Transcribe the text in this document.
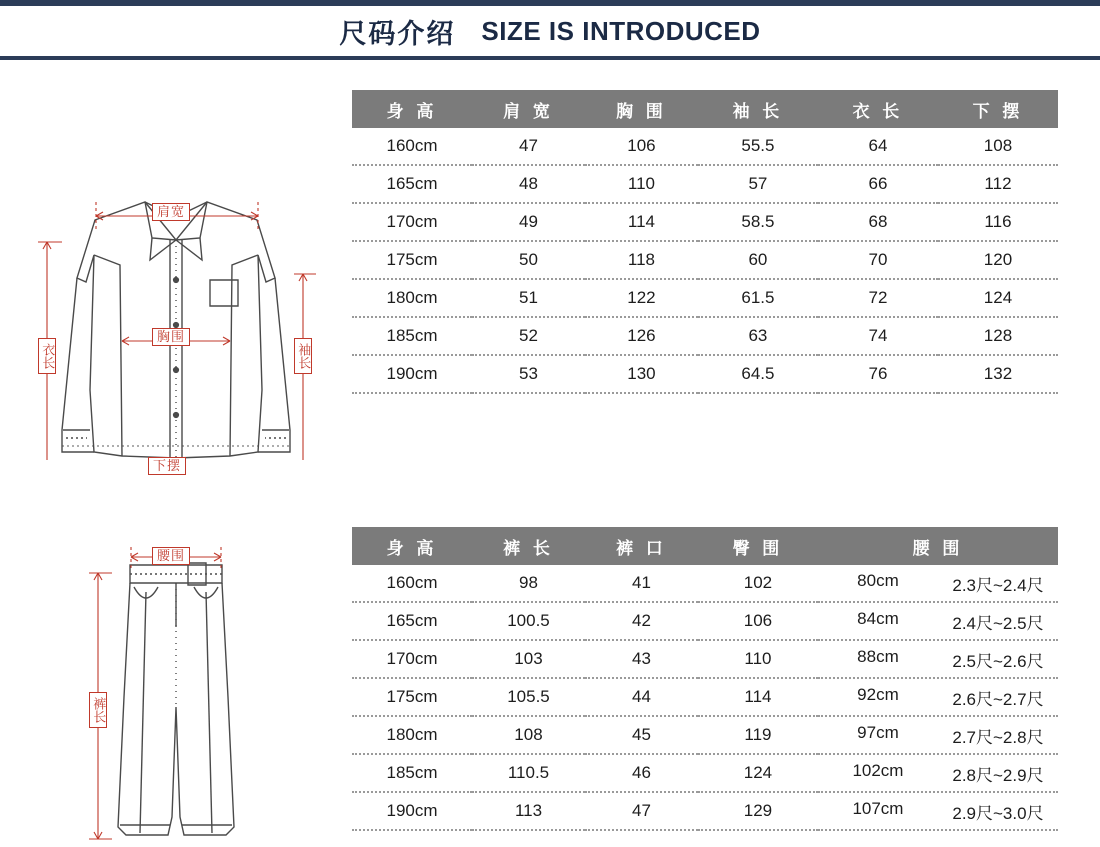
尺码介绍 SIZE IS INTRODUCED
肩宽
胸围
下摆
衣长	袖长
身 高	肩 宽	胸 围	袖 长	衣 长	下 摆
160cm	47	106	55.5	64	108
165cm	48	110	57	66	112
170cm	49	114	58.5	68	116
175cm	50	118	60	70	120
180cm	51	122	61.5	72	124
185cm	52	126	63	74	128
190cm	53	130	64.5	76	132
腰围
裤长
身 高	裤 长	裤 口	臀 围	腰 围
160cm	98	41	102	80cm 2.3尺~2.4尺

165cm	100.5	42	106	84cm 2.4尺~2.5尺

170cm	103	43	110	88cm 2.5尺~2.6尺

175cm	105.5	44	114	92cm 2.6尺~2.7尺

180cm	108	45	119	97cm 2.7尺~2.8尺

185cm	110.5	46	124	102cm 2.8尺~2.9尺

190cm	113	47	129	107cm 2.9尺~3.0尺
